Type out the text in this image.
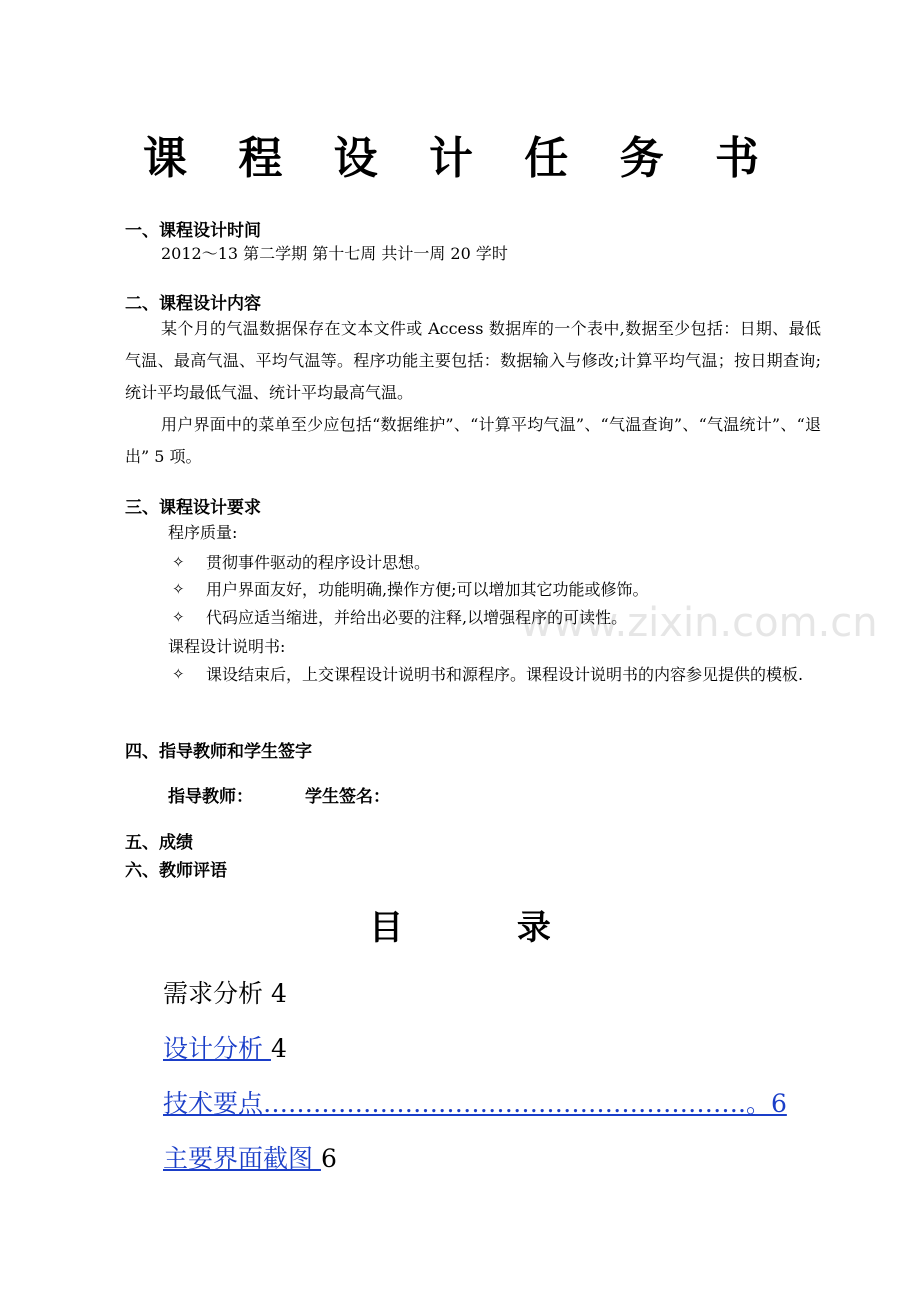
课 程 设 计 任 务 书
一、课程设计时间
2012～13 第二学期 第十七周 共计一周 20 学时
二、课程设计内容
某个月的气温数据保存在文本文件或 Access 数据库的一个表中,数据至少包括：日期、最低气温、最高气温、平均气温等。程序功能主要包括：数据输入与修改;计算平均气温；按日期查询;统计平均最低气温、统计平均最高气温。
用户界面中的菜单至少应包括“数据维护”、“计算平均气温”、“气温查询”、“气温统计”、“退出” 5 项。
www.zixin.com.cn
三、课程设计要求
程序质量:
✧	贯彻事件驱动的程序设计思想。
✧	用户界面友好，功能明确,操作方便;可以增加其它功能或修饰。
✧	代码应适当缩进，并给出必要的注释,以增强程序的可读性。
课程设计说明书:
✧	课设结束后，上交课程设计说明书和源程序。课程设计说明书的内容参见提供的模板.
四、指导教师和学生签字
指导教师：	学生签名：
五、成绩
六、教师评语
目	录
需求分析 4
设计分析 4
技术要点………………………………………………….。6
主要界面截图 6
